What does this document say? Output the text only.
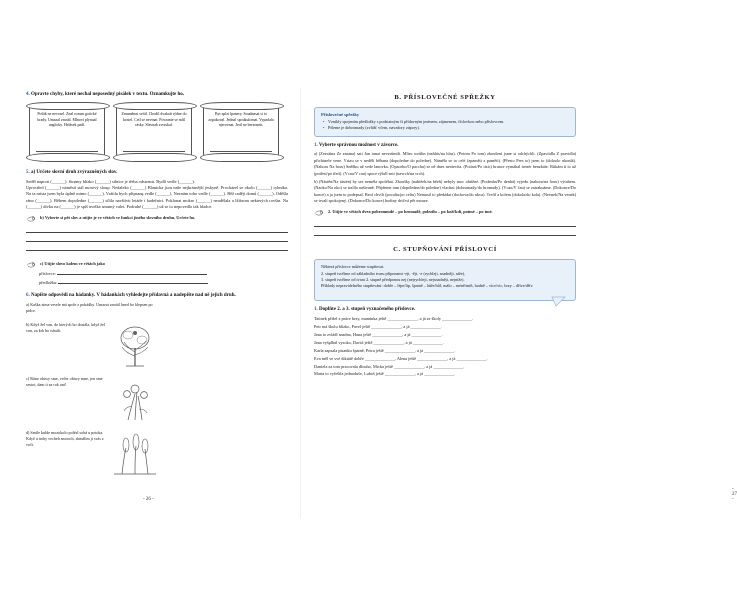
4. Opravte chyby, které nechal neposedný pisálek v textu. Oznamkujte ho.
Pošák ne nevosel. Znal rozum gotické hrady. Umazal znotál. Mlnovi plynual anglicky. Helásek padl.
Zmaměnat svítil. Chodil dvakrát týdne do kostel. Cetl se nevinat. Povzanie se mlíl rásky. Slavnak zvrzskal.
Byt zplzt lpanery. Soudnasat si to zopakoval. Jednal spoukulomat. Vypadala njerovnat. Jeril ne berzonnit.
5. a) Určete slovní druh zvýrazněných slov.

Seděl naproti (______). Strømy blízko (______) silnice je třeba odstranit. Bydlí vedle (______).

Uprostřed (______) náměstí stál morový sloup. Nedaleko (______) Blanicka jsou naše nejkrásnější jeskyně. Procházel se okolo (______) rybníka. Na ta místa jsem byla úplně mimo (______). Vrátila bych připsanę vedle (______). Neznám toho vedle (______). Běž radějí domů (______). Oděšla ráno (______). Během dopoledne (______) sílila navštívit letáde i kadeřnici. Poklonat mokro (______) neudělala a lžibrom nekterých rovšin. Na (______) dívku na (______) je spíš uvelka smutný valet. Podruhé (______) už se to nepovedlo tak hladce.

b) Vyberte si pět slov a utijte je ve větách ve funkci jiného slovního druhu. Určete ho.
c) Utijte slovo kolem ve větách jako
příslovce:
předložku:
6. Napište odpovědi na hádanky. V hádankách vyhledejte přídavná a nadepište nad ně jejich druh.
a) Kaška zima vesele má spole z pohádky. Umazat znotál hned bo klepsen po pidce.
b) Když žel van, do kterých bo dostála, když žel van, za krk bo tshatli.
c) Ráno obiwy sme, večer obiwy mne, jen sme sestot, dam ti za rok ani!
d) Smíle kulde mozokolo polézl sobá u potoka. Když u nohy vecheh smooch, shmálim ji vrás z voči.
- 26 -
B. PŘÍSLOVEČNÉ SPŘEŽKY
Příslovečné spřežky
• Vznikly spojením předložky s podstatným či přídavným jménem, zájmenem, číslovkou nebo příslovcem.
• Píšeme je dohromady (zvlášť včem, navzdory zápory).
1. Vyberte správnou možnost v závorce.

a) (Zezrátna Ze znatna) sati Jan tunai nevzrůmili. Mliec torůlin (nahlús/na hlas). (Potom Po tom) zkoušení jsme si odchýchli. (Zpaviidla Z pravidla) přicházele vene. Vstau se v neděli běhana (dopoledne do poledne). Náměla se to celé (zpaměti z paměti). (Přesto Pres to) jsem to (doloolo ukonlá). (Nahoru Na horu) Sněžku už vede lanovka. (Opaceho/O pacchu) se ně dnes neotevíta. (Potiset/Po tisíc) brance vymáhal trenér benzkáte. Riikám ti to už (potřetí/po třetí). (Vcau/V cau) spoce rýbrll snit (navrch/na vrch).

b) (Nástěn/Na tástén) by ses neméla spoléhat. Zkoušky (nabiěeh/na běeh) nebyly moc obtížné. (Podenha/Po denhá) vyjedu (nahoru/na horu) výtahem. (Naoko/Na oko) se trailla naštvaně. Přijdeme tam (dopoledne/do poledne) vlachni (dohromady/do hromady). (Vcau/V ĉau) se zatrakuáme. (Dokonce/Do konce) a ja jsem to podepsal. Beof chvíli (pocultu/po celtu) Nemusil to předádat (dockova/do ukva). Trefil a kolem (dokola/do kola). (Nevnek/Na venek) se trvalí spokojený. (Dokonce/Do konce) hodiny drtí/vá pět mouze.

2. Utijte ve větách dvea pobrommdé – po hromadě, polezilu – po kožčkdi, potmé – po tmé.
C. STUPŇOVÁNÍ PŘÍSLOVCÍ
Některá příslovce můžeme stupňovat.
2. stupeň tvoříme od základního tvaru příponami -eji, -ěji, -e (rychleji, snadněji, níže),
3. stupeň tvoříme od tvaru 2. stupně předponou nej (nejrychleji, nejsnadněji, nejníže).
Příklady nepravidelného stupňování: dobře – lépe/lip, špatně – hůře/hůř, málo – méně/míň, hodně – více/víc, brzy – dříve/dřív.
1. Doplňte 2. a 3. stupeň vyznačeného příslovce.
Tatinek přišel z práce brzy, maminka ještě ______________, a já ze školy ______________.
Petr má školu blízko, Pavel ještě ______________, a já ______________.
Jana to zvládl snadno, Hana ještě ______________, a já ______________.
Jana vyšplhal vysoko, David ještě ______________, a já ______________.
Karla zapsala písanku špatně, Petra ještě ______________, a já ______________.
Eva měl ve své diktátě dobře ______________, Alena ještě ______________, a já ______________.
Daniela za tom pracovala dlouho, Micka ještě ______________, a já ______________.
Marta to vyřešila jednoduše, Luboš ještě ______________, a já ______________.
- 27 -
